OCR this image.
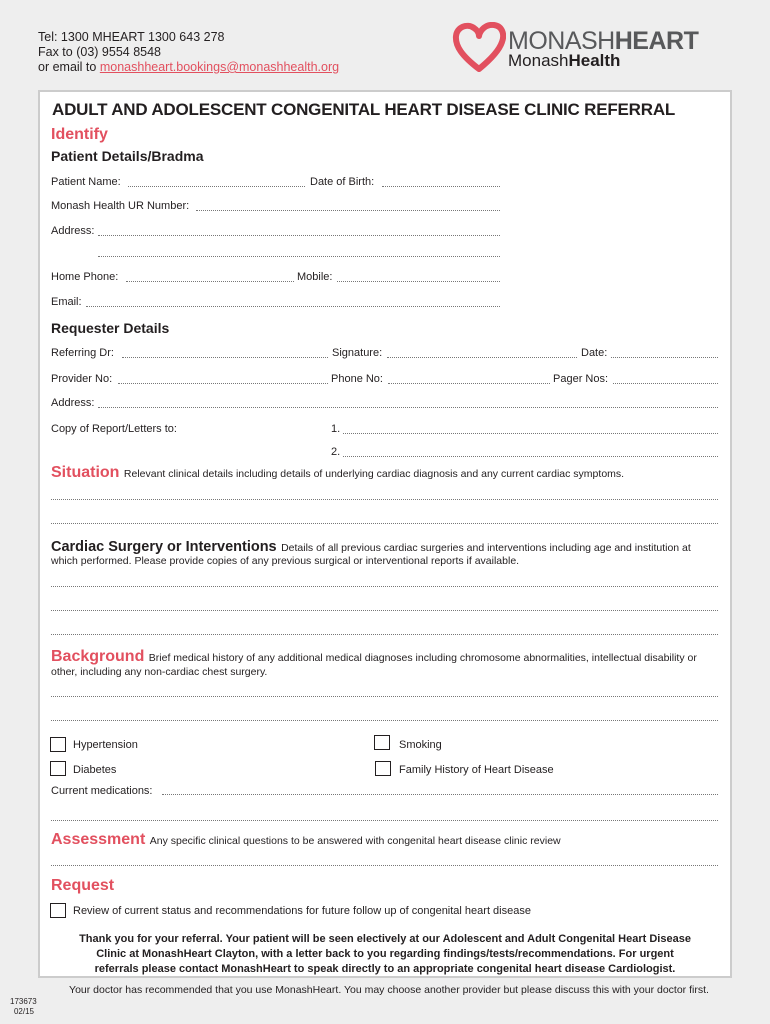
Tel: 1300 MHEART 1300 643 278
Fax to (03) 9554 8548
or email to monashheart.bookings@monashhealth.org
MONASHHEART
MonashHealth
ADULT AND ADOLESCENT CONGENITAL HEART DISEASE CLINIC REFERRAL
Identify
Patient Details/Bradma
Patient Name:	Date of Birth:
Monash Health UR Number:
Address:
Home Phone:	Mobile:
Email:
Requester Details
Referring Dr:	Signature:	Date:
Provider No:	Phone No:	Pager Nos:
Address:
Copy of Report/Letters to:	1.
2.
Situation Relevant clinical details including details of underlying cardiac diagnosis and any current cardiac symptoms.
Cardiac Surgery or Interventions Details of all previous cardiac surgeries and interventions including age and institution at
which performed. Please provide copies of any previous surgical or interventional reports if available.
Background Brief medical history of any additional medical diagnoses including chromosome abnormalities, intellectual disability or
other, including any non-cardiac chest surgery.
Hypertension	Smoking
Diabetes	Family History of Heart Disease
Current medications:
Assessment Any specific clinical questions to be answered with congenital heart disease clinic review
Request
Review of current status and recommendations for future follow up of congenital heart disease
Thank you for your referral. Your patient will be seen electively at our Adolescent and Adult Congenital Heart Disease
Clinic at MonashHeart Clayton, with a letter back to you regarding findings/tests/recommendations. For urgent
referrals please contact MonashHeart to speak directly to an appropriate congenital heart disease Cardiologist.
Your doctor has recommended that you use MonashHeart. You may choose another provider but please discuss this with your doctor first.
173673
02/15
